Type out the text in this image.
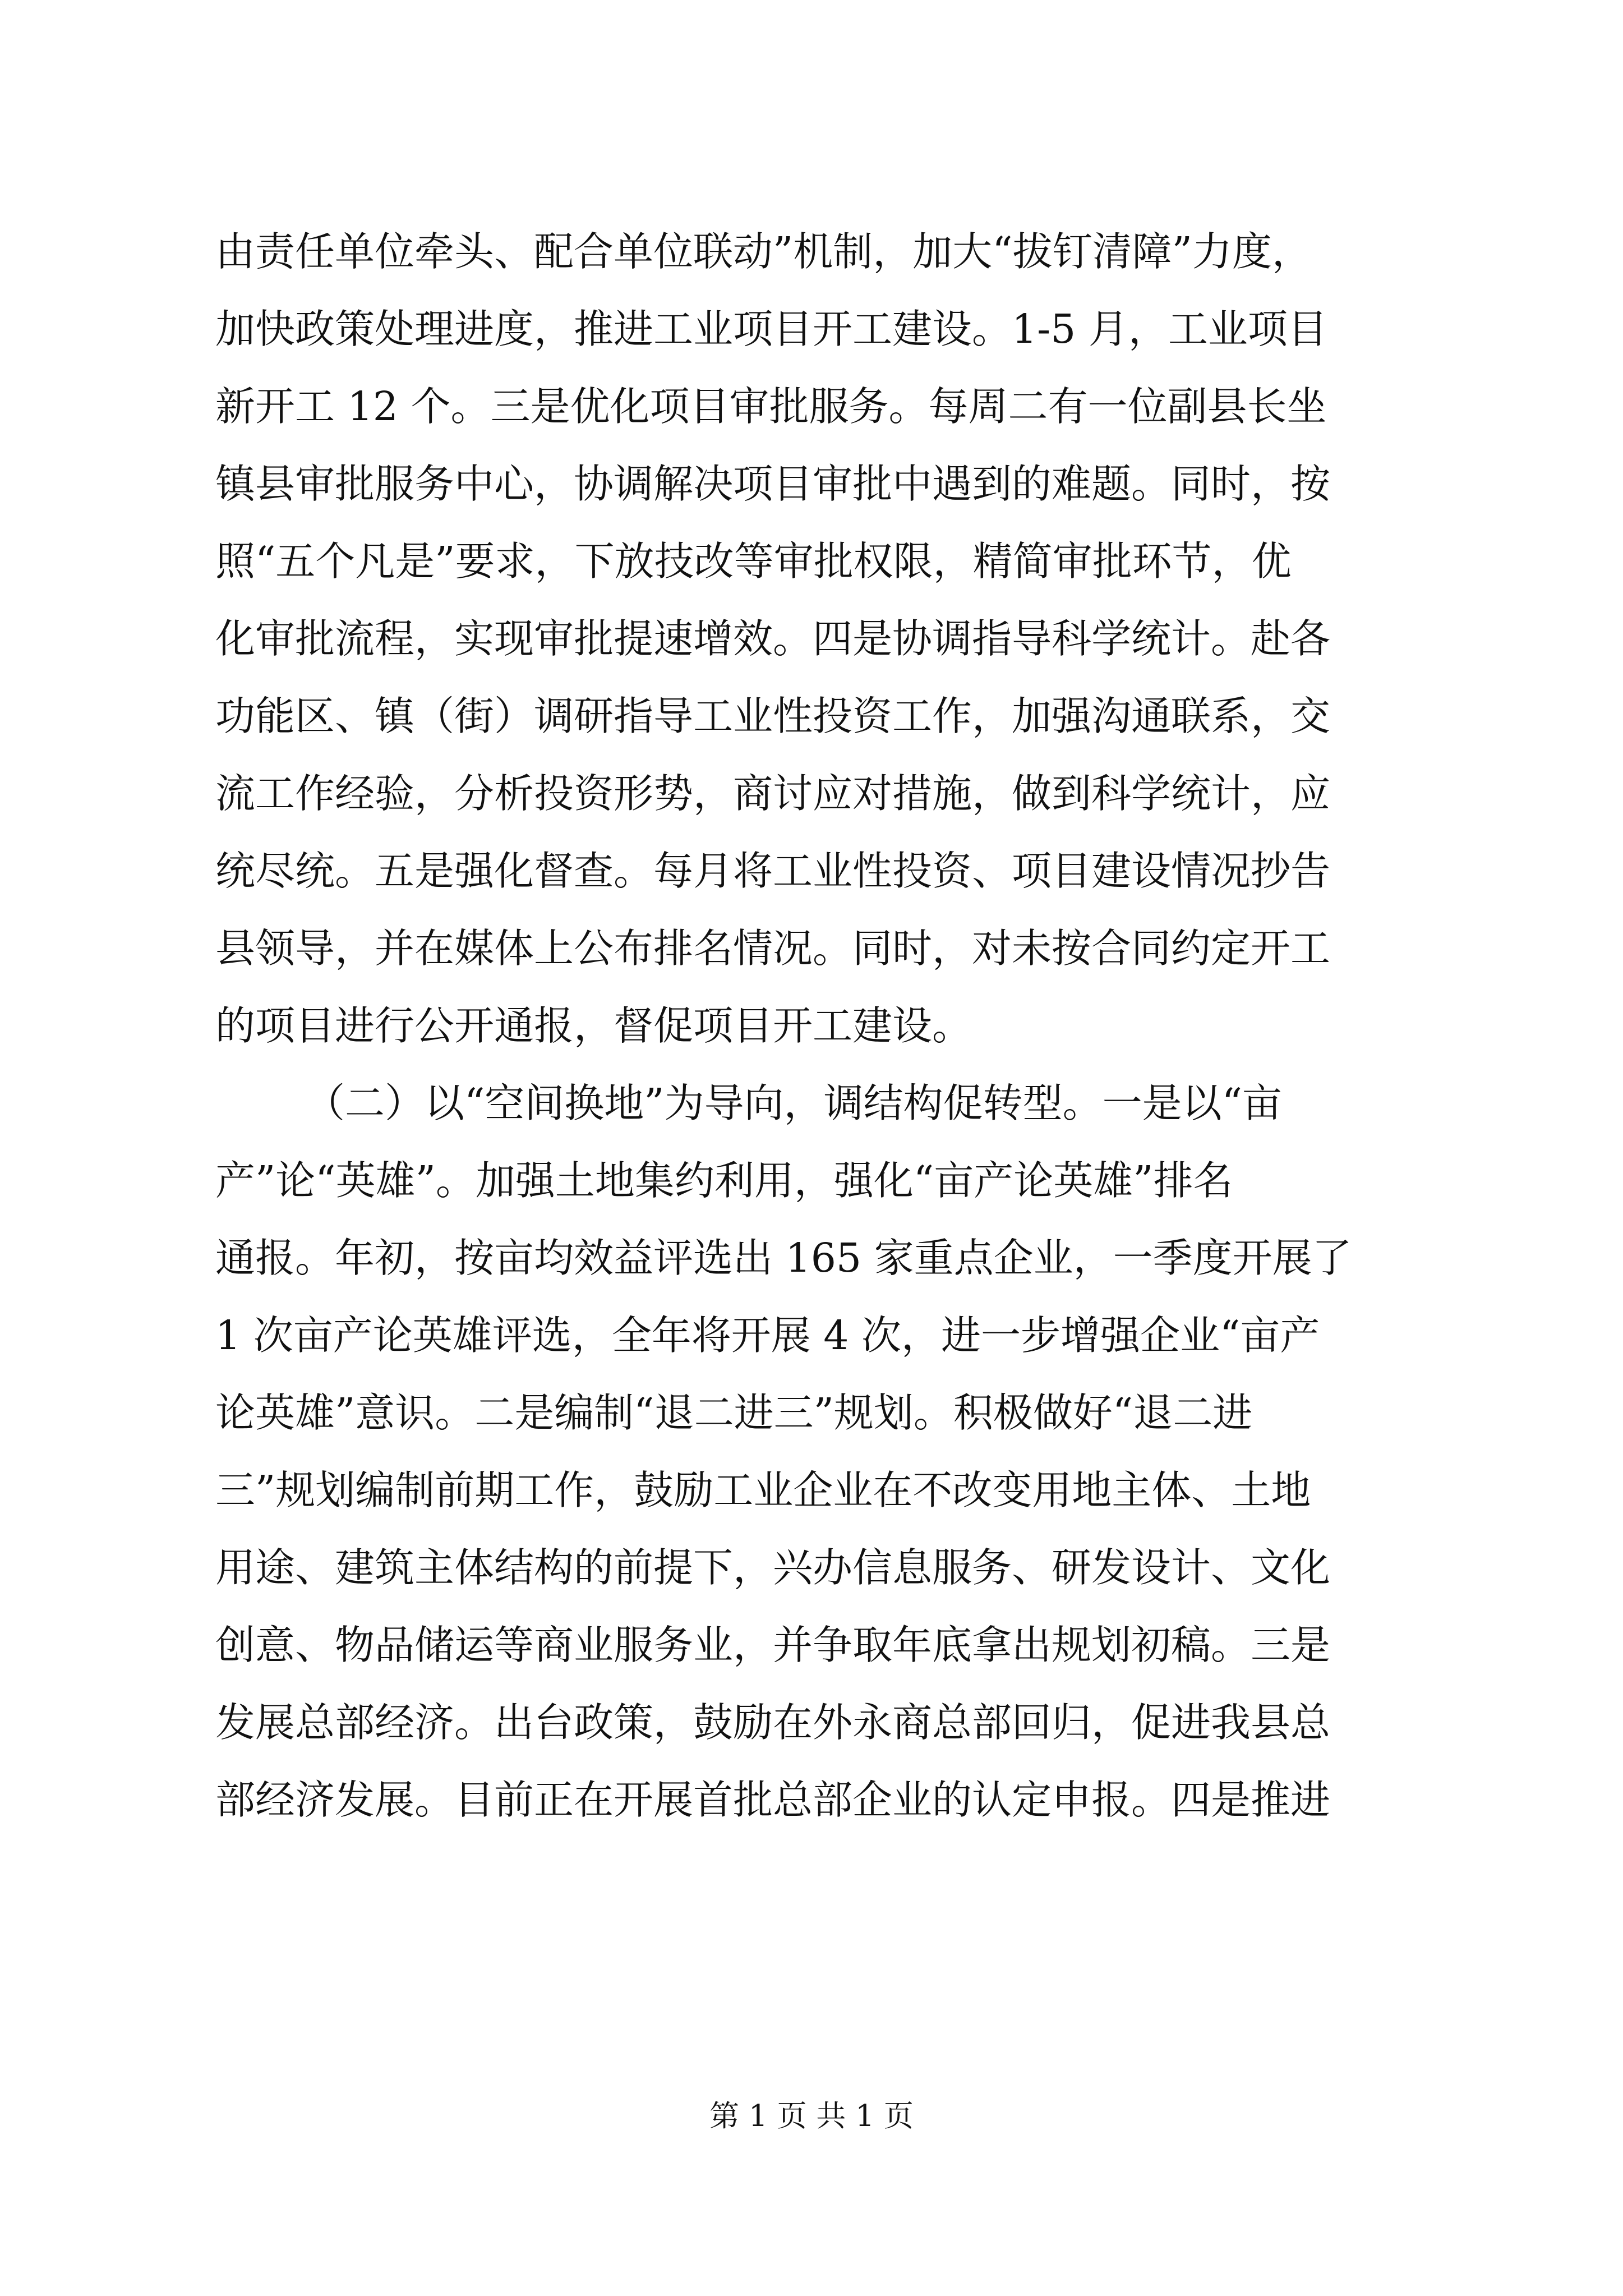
由责任单位牵头、配合单位联动”机制，加大“拔钉清障”力度，
加快政策处理进度，推进工业项目开工建设。1-5 月，工业项目
新开工 12 个。三是优化项目审批服务。每周二有一位副县长坐
镇县审批服务中心，协调解决项目审批中遇到的难题。同时，按
照“五个凡是”要求，下放技改等审批权限，精简审批环节，优
化审批流程，实现审批提速增效。四是协调指导科学统计。赴各
功能区、镇（街）调研指导工业性投资工作，加强沟通联系，交
流工作经验，分析投资形势，商讨应对措施，做到科学统计，应
统尽统。五是强化督查。每月将工业性投资、项目建设情况抄告
县领导，并在媒体上公布排名情况。同时，对未按合同约定开工
的项目进行公开通报，督促项目开工建设。
（二）以“空间换地”为导向，调结构促转型。一是以“亩
产”论“英雄”。加强土地集约利用，强化“亩产论英雄”排名
通报。年初，按亩均效益评选出 165 家重点企业，一季度开展了
1 次亩产论英雄评选，全年将开展 4 次，进一步增强企业“亩产
论英雄”意识。二是编制“退二进三”规划。积极做好“退二进
三”规划编制前期工作，鼓励工业企业在不改变用地主体、土地
用途、建筑主体结构的前提下，兴办信息服务、研发设计、文化
创意、物品储运等商业服务业，并争取年底拿出规划初稿。三是
发展总部经济。出台政策，鼓励在外永商总部回归，促进我县总
部经济发展。目前正在开展首批总部企业的认定申报。四是推进
第 1 页 共 1 页
